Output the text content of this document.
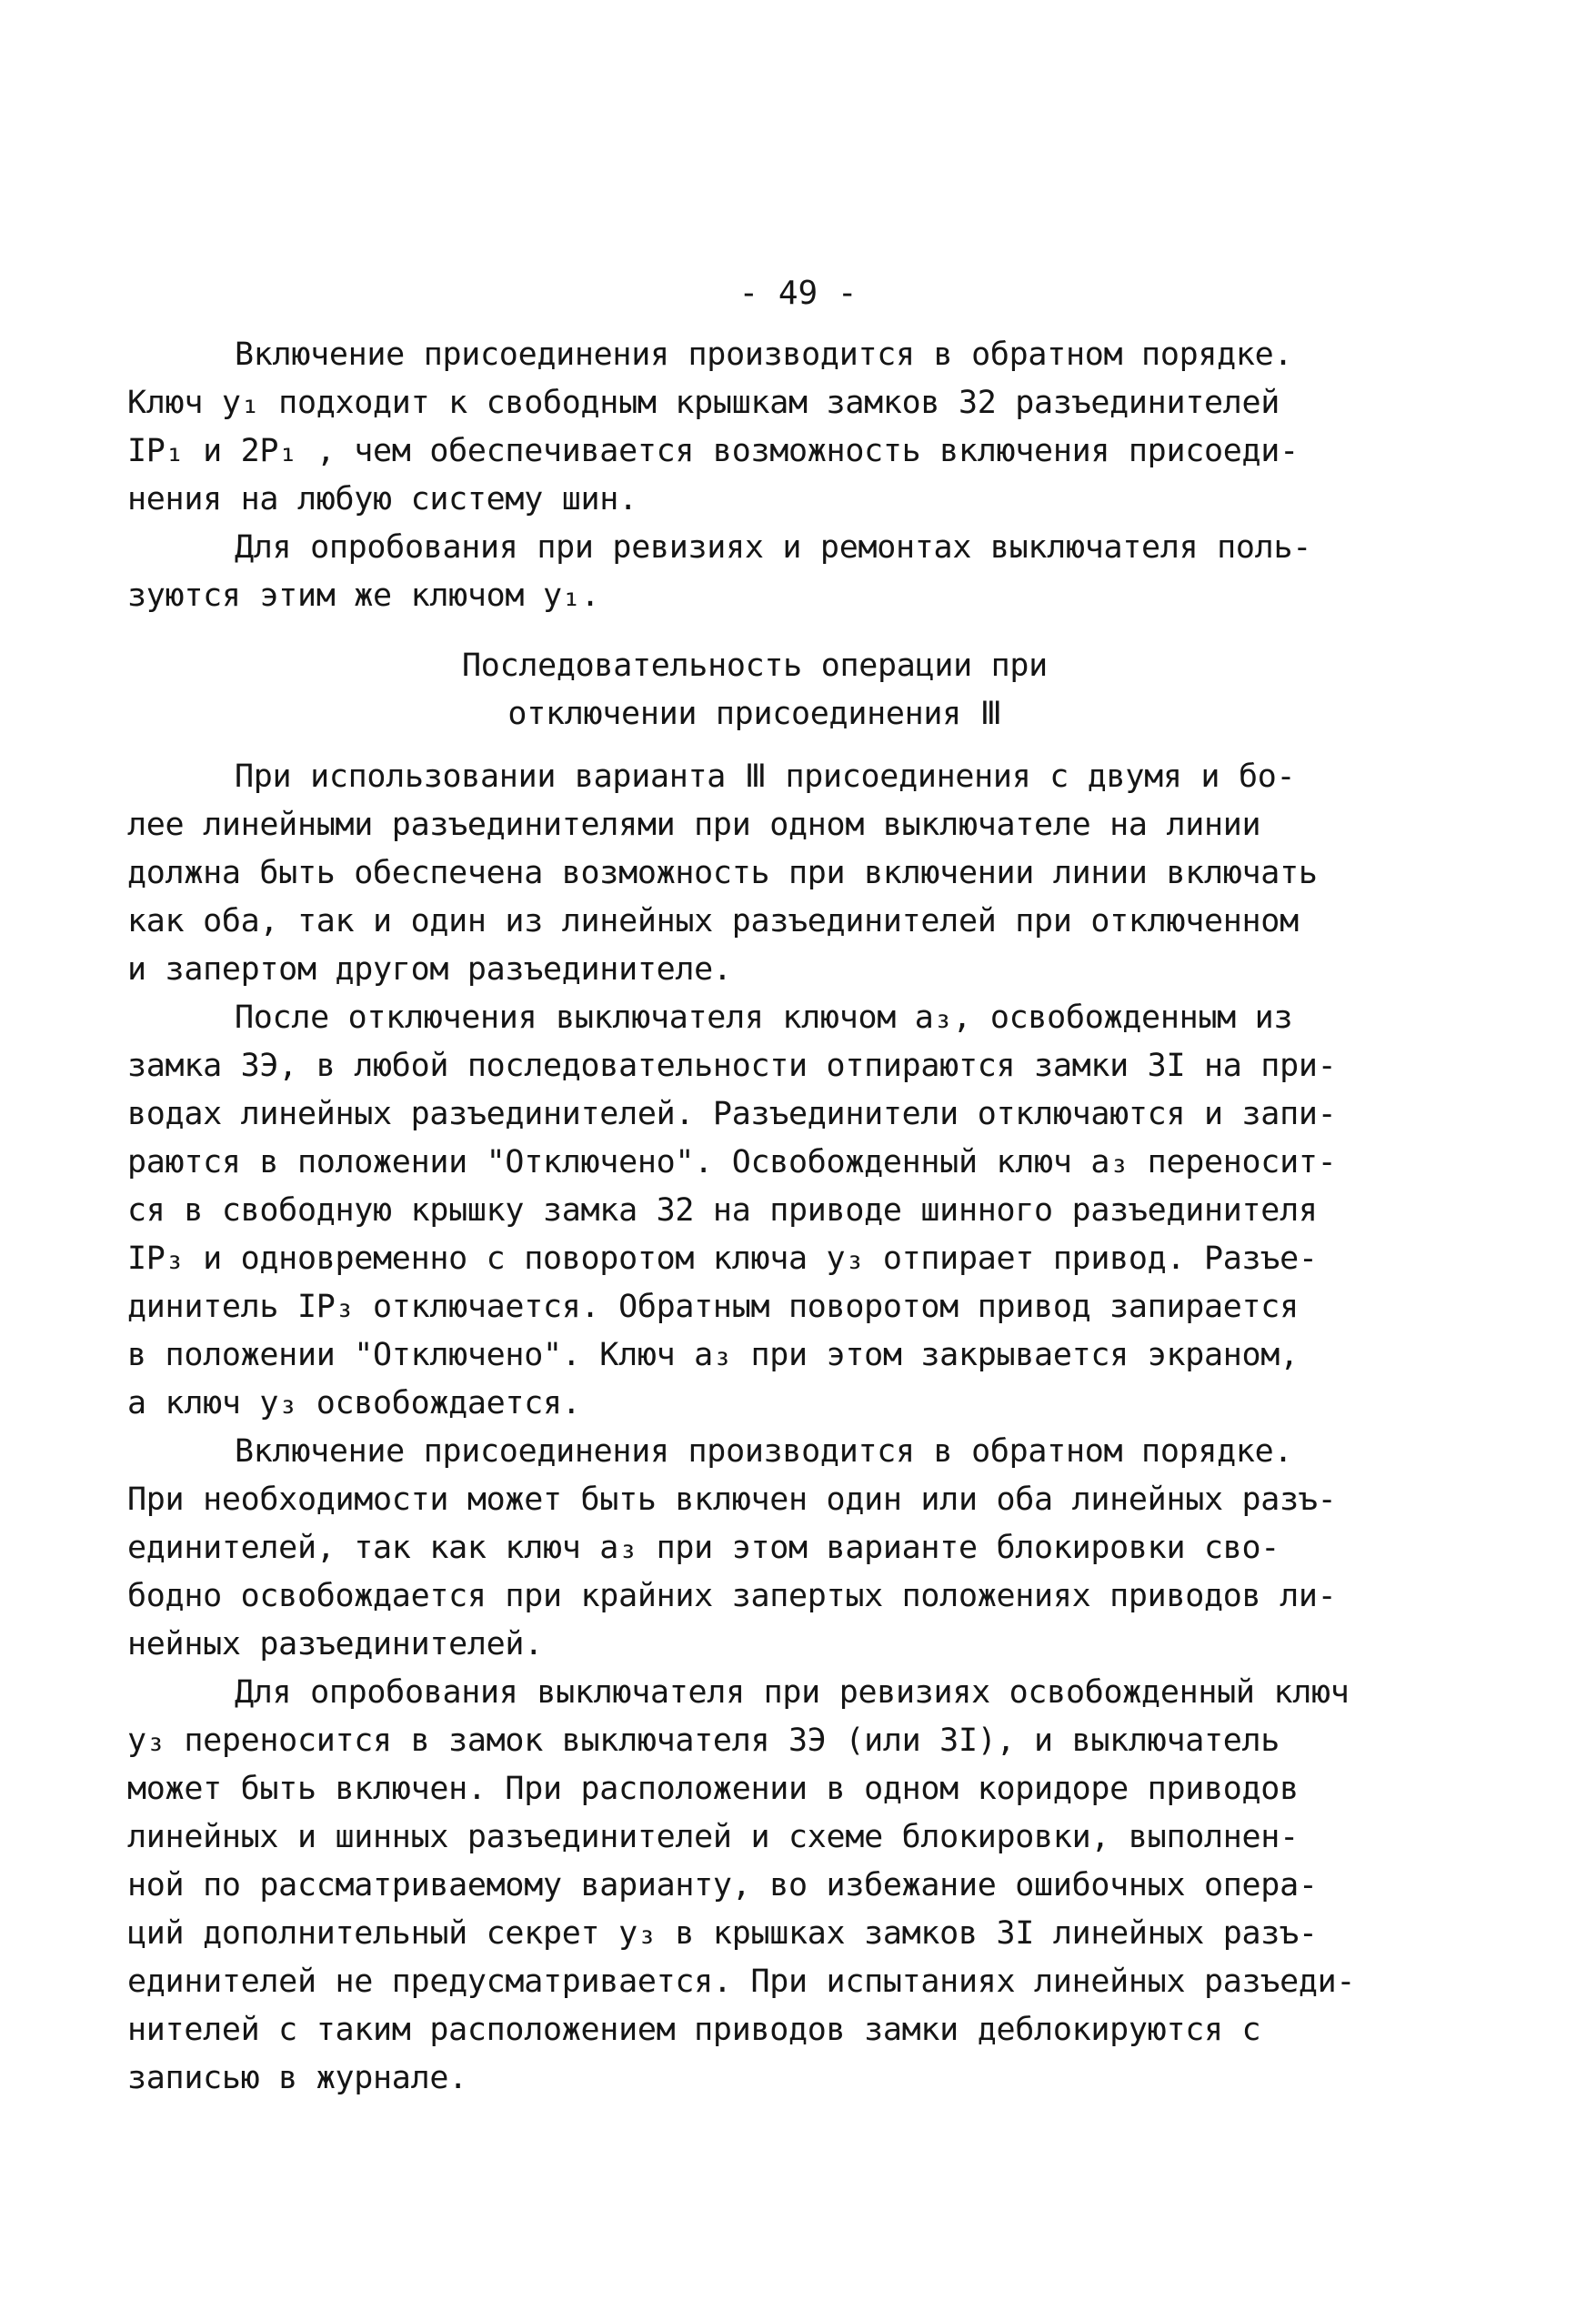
- 49 -
Включение присоединения производится в обратном порядке.
Ключ у₁ подходит к свободным крышкам замков 32 разъединителей
IР₁ и 2Р₁ , чем обеспечивается возможность включения присоеди-
нения на любую систему шин.
Для опробования при ревизиях и ремонтах выключателя поль-
зуются этим же ключом у₁.
Последовательность операции при
отключении присоединения Ⅲ
При использовании варианта Ⅲ присоединения с двумя и бо-
лее линейными разъединителями при одном выключателе на линии
должна быть обеспечена возможность при включении линии включать
как оба, так и один из линейных разъединителей при отключенном
и запертом другом разъединителе.
После отключения выключателя ключом а₃, освобожденным из
замка 3Э, в любой последовательности отпираются замки 3I на при-
водах линейных разъединителей. Разъединители отключаются и запи-
раются в положении "Отключено". Освобожденный ключ а₃ переносит-
ся в свободную крышку замка 32 на приводе шинного разъединителя
IР₃ и одновременно с поворотом ключа у₃ отпирает привод. Разъе-
динитель IР₃ отключается. Обратным поворотом привод запирается
в положении "Отключено". Ключ а₃ при этом закрывается экраном,
а ключ у₃ освобождается.
Включение присоединения производится в обратном порядке.
При необходимости может быть включен один или оба линейных разъ-
единителей, так как ключ а₃ при этом варианте блокировки сво-
бодно освобождается при крайних запертых положениях приводов ли-
нейных разъединителей.
Для опробования выключателя при ревизиях освобожденный ключ
у₃ переносится в замок выключателя 3Э (или 3I), и выключатель
может быть включен. При расположении в одном коридоре приводов
линейных и шинных разъединителей и схеме блокировки, выполнен-
ной по рассматриваемому варианту, во избежание ошибочных опера-
ций дополнительный секрет у₃ в крышках замков 3I линейных разъ-
единителей не предусматривается. При испытаниях линейных разъеди-
нителей с таким расположением приводов замки деблокируются с
записью в журнале.
